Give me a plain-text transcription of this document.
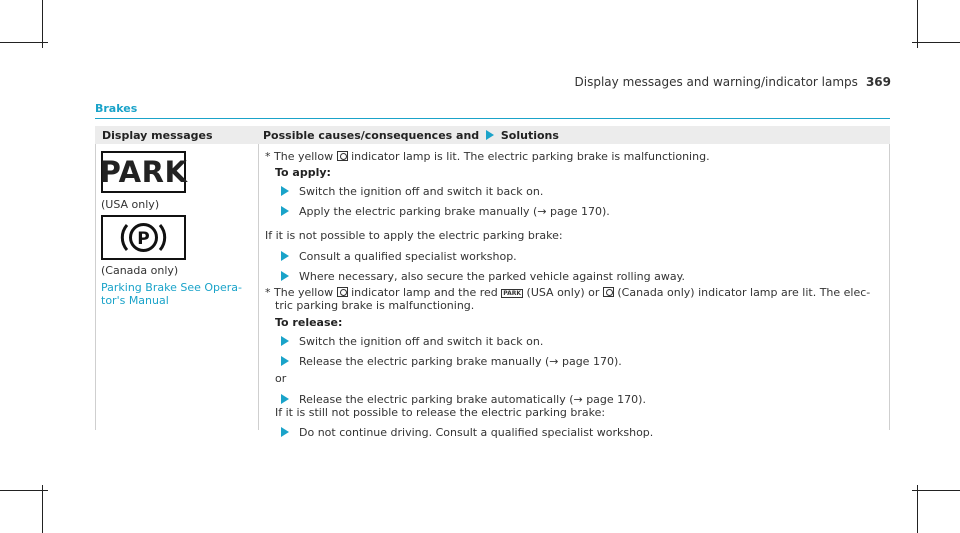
Display messages and warning/indicator lamps 369
Brakes
Display messages	Possible causes/consequences and Solutions
PARK
(USA only)
P
(Canada only)
Parking Brake See Opera-
tor's Manual
* The yellow indicator lamp is lit. The electric parking brake is malfunctioning.
To apply:
Switch the ignition off and switch it back on.
Apply the electric parking brake manually (→ page 170).
If it is not possible to apply the electric parking brake:
Consult a qualified specialist workshop.
Where necessary, also secure the parked vehicle against rolling away.
* The yellow indicator lamp and the red PARK (USA only) or (Canada only) indicator lamp are lit. The elec-
tric parking brake is malfunctioning.
To release:
Switch the ignition off and switch it back on.
Release the electric parking brake manually (→ page 170).
or
Release the electric parking brake automatically (→ page 170).
If it is still not possible to release the electric parking brake:
Do not continue driving. Consult a qualified specialist workshop.
